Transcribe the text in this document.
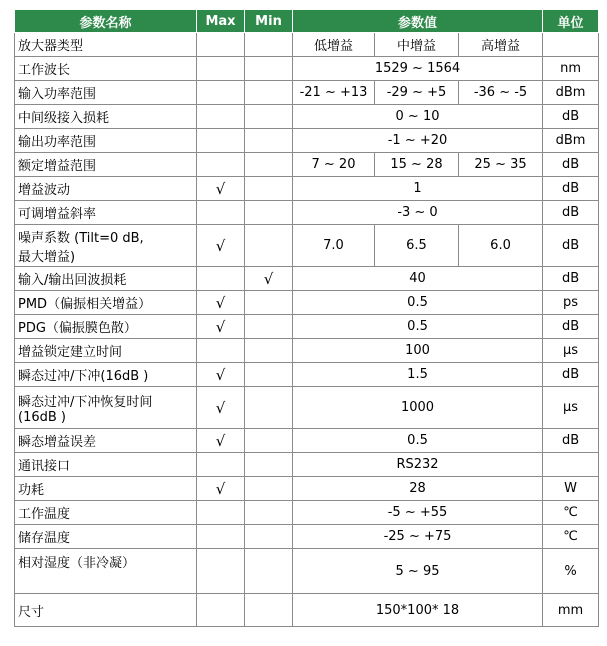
参数名称	Max	Min	参数值			单位
放大器类型			低增益	中增益	高增益	
工作波长			1529 ~ 1564			nm
输入功率范围			-21 ~ +13	-29 ~ +5	-36 ~ -5	dBm
中间级接入损耗			0 ~ 10			dB
输出功率范围			-1 ~ +20			dBm
额定增益范围			7 ~ 20	15 ~ 28	25 ~ 35	dB
增益波动	√		1			dB
可调增益斜率			-3 ~ 0			dB

噪声系数 (Tilt=0 dB,
最大增益)	√		7.0	6.5	6.0	dB
输入/输出回波损耗		√	40			dB
PMD（偏振相关增益）	√		0.5			ps
PDG（偏振膜色散）	√		0.5			dB
增益锁定建立时间			100			μs
瞬态过冲/下冲(16dB )	√		1.5			dB

瞬态过冲/下冲恢复时间
(16dB )	√		1000			μs
瞬态增益误差	√		0.5			dB
通讯接口			RS232			
功耗	√		28			W
工作温度			-5 ~ +55			℃
储存温度			-25 ~ +75			℃
相对湿度（非冷凝）			5 ~ 95			%
尺寸			150*100* 18			mm
